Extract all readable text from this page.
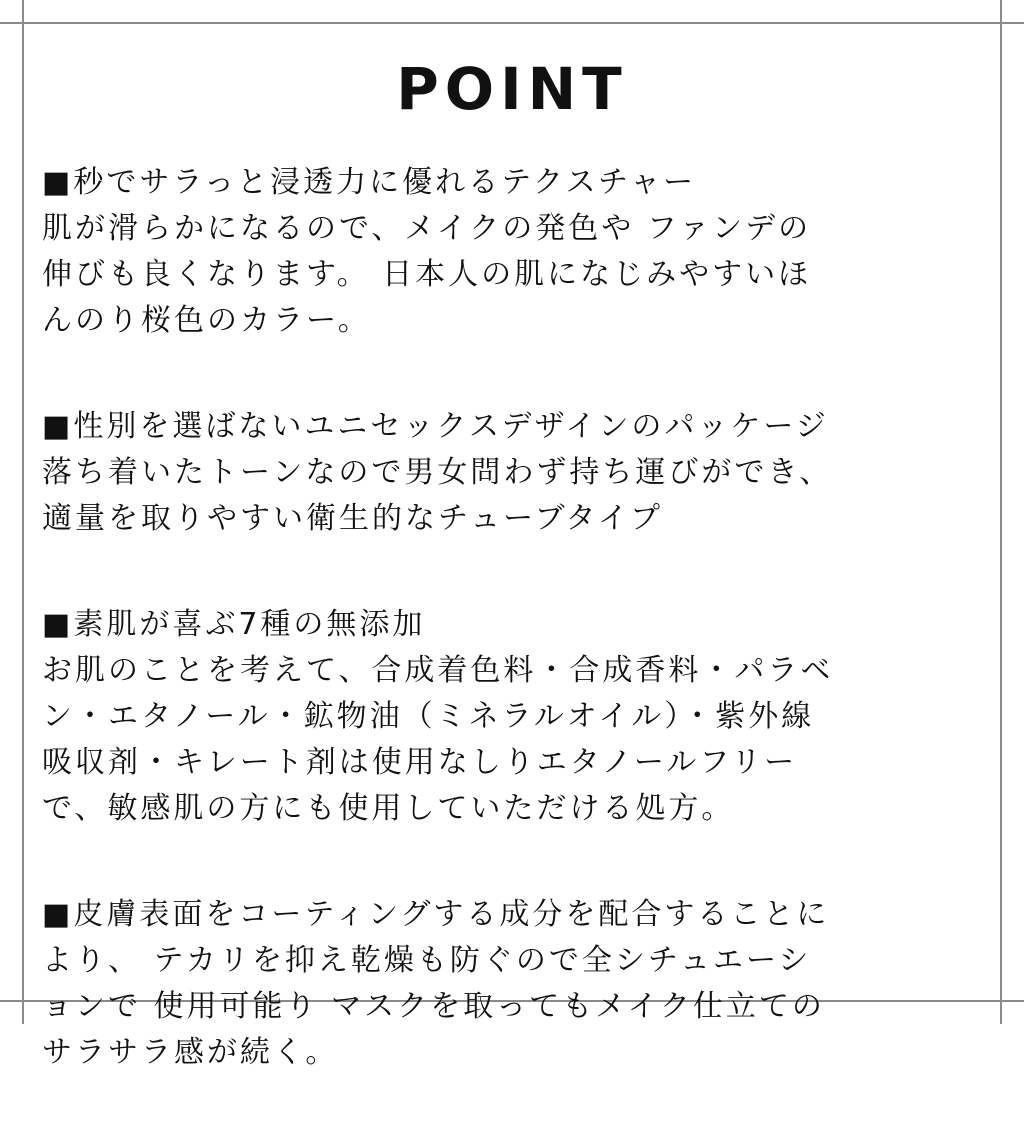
POINT
■秒でサラっと浸透力に優れるテクスチャー
肌が滑らかになるので、メイクの発色や ファンデの
伸びも良くなります。 日本人の肌になじみやすいほ
んのり桜色のカラー。
■性別を選ばないユニセックスデザインのパッケージ
落ち着いたトーンなので男女問わず持ち運びができ、
適量を取りやすい衛生的なチューブタイプ
■素肌が喜ぶ7種の無添加
お肌のことを考えて、合成着色料・合成香料・パラベ
ン・エタノール・鉱物油（ミネラルオイル）・紫外線
吸収剤・キレート剤は使用なしりエタノールフリー
で、敏感肌の方にも使用していただける処方。
■皮膚表面をコーティングする成分を配合することに
より、 テカリを抑え乾燥も防ぐので全シチュエーシ
ョンで 使用可能り マスクを取ってもメイク仕立ての
サラサラ感が続く。
